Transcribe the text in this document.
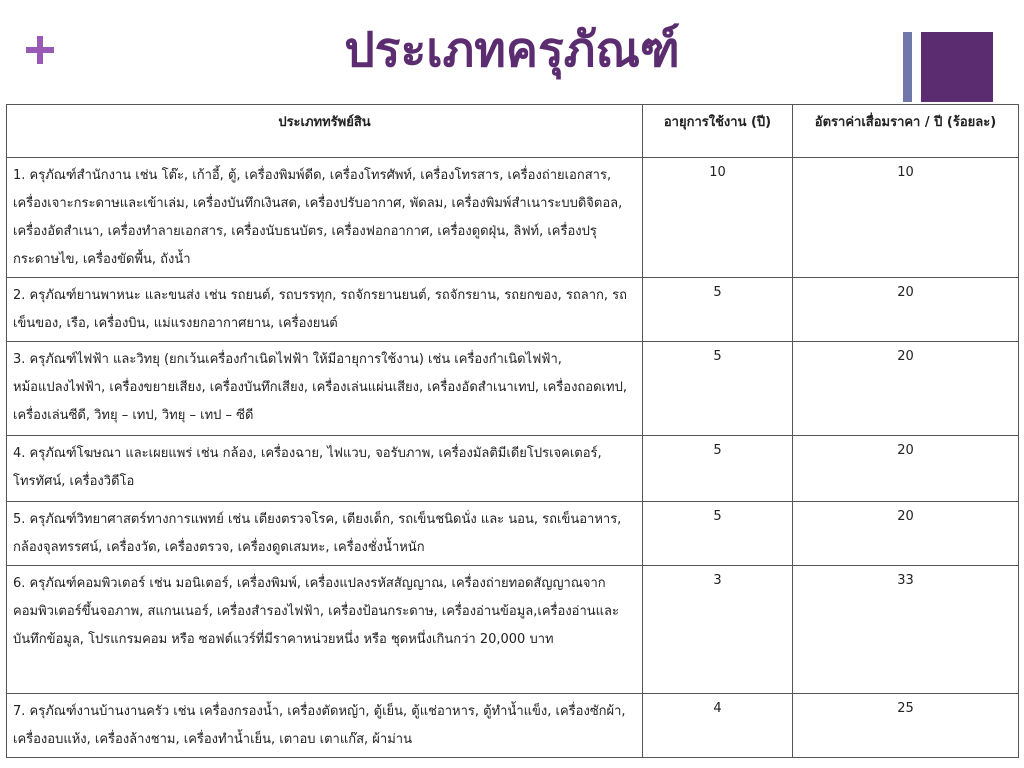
ประเภทครุภัณฑ์
ประเภททรัพย์สิน	อายุการใช้งาน (ปี)	อัตราค่าเสื่อมราคา / ปี (ร้อยละ)
1. ครุภัณฑ์สำนักงาน เช่น โต๊ะ, เก้าอี้, ตู้, เครื่องพิมพ์ดีด, เครื่องโทรศัพท์, เครื่องโทรสาร, เครื่องถ่ายเอกสาร, เครื่องเจาะกระดาษและเข้าเล่ม, เครื่องบันทึกเงินสด, เครื่องปรับอากาศ, พัดลม, เครื่องพิมพ์สำเนาระบบดิจิตอล, เครื่องอัดสำเนา, เครื่องทำลายเอกสาร, เครื่องนับธนบัตร, เครื่องฟอกอากาศ, เครื่องดูดฝุ่น, ลิฟท์, เครื่องปรุกระดาษไข, เครื่องขัดพื้น, ถังน้ำ	10	10
2. ครุภัณฑ์ยานพาหนะ และขนส่ง เช่น รถยนต์, รถบรรทุก, รถจักรยานยนต์, รถจักรยาน, รถยกของ, รถลาก, รถเข็นของ, เรือ, เครื่องบิน, แม่แรงยกอากาศยาน, เครื่องยนต์	5	20
3. ครุภัณฑ์ไฟฟ้า และวิทยุ (ยกเว้นเครื่องกำเนิดไฟฟ้า ให้มีอายุการใช้งาน) เช่น เครื่องกำเนิดไฟฟ้า, หม้อแปลงไฟฟ้า, เครื่องขยายเสียง, เครื่องบันทึกเสียง, เครื่องเล่นแผ่นเสียง, เครื่องอัดสำเนาเทป, เครื่องถอดเทป, เครื่องเล่นซีดี, วิทยุ – เทป, วิทยุ – เทป – ซีดี	5	20
4. ครุภัณฑ์โฆษณา และเผยแพร่ เช่น กล้อง, เครื่องฉาย, ไฟแวบ, จอรับภาพ, เครื่องมัลติมีเดียโปรเจคเตอร์, โทรทัศน์, เครื่องวิดีโอ	5	20
5. ครุภัณฑ์วิทยาศาสตร์ทางการแพทย์ เช่น เตียงตรวจโรค, เตียงเด็ก, รถเข็นชนิดนั่ง และ นอน, รถเข็นอาหาร, กล้องจุลทรรศน์, เครื่องวัด, เครื่องตรวจ, เครื่องดูดเสมหะ, เครื่องชั่งน้ำหนัก	5	20
6. ครุภัณฑ์คอมพิวเตอร์ เช่น มอนิเตอร์, เครื่องพิมพ์, เครื่องแปลงรหัสสัญญาณ, เครื่องถ่ายทอดสัญญาณจากคอมพิวเตอร์ขึ้นจอภาพ, สแกนเนอร์, เครื่องสำรองไฟฟ้า, เครื่องป้อนกระดาษ, เครื่องอ่านข้อมูล,เครื่องอ่านและบันทึกข้อมูล, โปรแกรมคอม หรือ ซอฟต์แวร์ที่มีราคาหน่วยหนึ่ง หรือ ชุดหนึ่งเกินกว่า 20,000 บาท	3	33
7. ครุภัณฑ์งานบ้านงานครัว เช่น เครื่องกรองน้ำ, เครื่องตัดหญ้า, ตู้เย็น, ตู้แช่อาหาร, ตู้ทำน้ำแข็ง, เครื่องซักผ้า, เครื่องอบแห้ง, เครื่องล้างชาม, เครื่องทำน้ำเย็น, เตาอบ เตาแก๊ส, ผ้าม่าน	4	25
